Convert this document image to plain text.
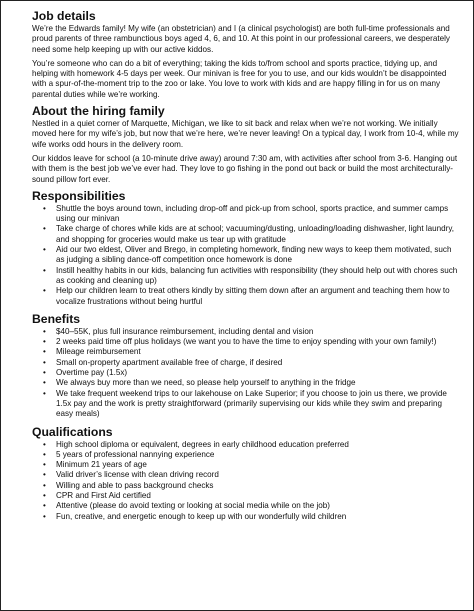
Job details

We’re the Edwards family! My wife (an obstetrician) and I (a clinical psychologist) are both full-time professionals and proud parents of three rambunctious boys aged 4, 6, and 10. At this point in our professional careers, we desperately need some help keeping up with our active kiddos.

You’re someone who can do a bit of everything; taking the kids to/from school and sports practice, tidying up, and helping with homework 4-5 days per week. Our minivan is free for you to use, and our kids wouldn’t be disappointed with a spur-of-the-moment trip to the zoo or lake. You love to work with kids and are happy filling in for us on many parental duties while we’re working.

About the hiring family

Nestled in a quiet corner of Marquette, Michigan, we like to sit back and relax when we’re not working. We initially moved here for my wife’s job, but now that we’re here, we’re never leaving! On a typical day, I work from 10-4, while my wife works odd hours in the delivery room.

Our kiddos leave for school (a 10-minute drive away) around 7:30 am, with activities after school from 3-6. Hanging out with them is the best job we’ve ever had. They love to go fishing in the pond out back or build the most architecturally-sound pillow fort ever.

Responsibilities
• Shuttle the boys around town, including drop-off and pick-up from school, sports practice, and summer camps using our minivan
• Take charge of chores while kids are at school; vacuuming/dusting, unloading/loading dishwasher, light laundry, and shopping for groceries would make us tear up with gratitude
• Aid our two eldest, Oliver and Brego, in completing homework, finding new ways to keep them motivated, such as judging a sibling dance-off competition once homework is done
• Instill healthy habits in our kids, balancing fun activities with responsibility (they should help out with chores such as cooking and cleaning up)
• Help our children learn to treat others kindly by sitting them down after an argument and teaching them how to vocalize frustrations without being hurtful
Benefits
• $40–55K, plus full insurance reimbursement, including dental and vision
• 2 weeks paid time off plus holidays (we want you to have the time to enjoy spending with your own family!)
• Mileage reimbursement
• Small on-property apartment available free of charge, if desired
• Overtime pay (1.5x)
• We always buy more than we need, so please help yourself to anything in the fridge
• We take frequent weekend trips to our lakehouse on Lake Superior; if you choose to join us there, we provide 1.5x pay and the work is pretty straightforward (primarily supervising our kids while they swim and preparing easy meals)
Qualifications
• High school diploma or equivalent, degrees in early childhood education preferred
• 5 years of professional nannying experience
• Minimum 21 years of age
• Valid driver’s license with clean driving record
• Willing and able to pass background checks
• CPR and First Aid certified
• Attentive (please do avoid texting or looking at social media while on the job)
• Fun, creative, and energetic enough to keep up with our wonderfully wild children
